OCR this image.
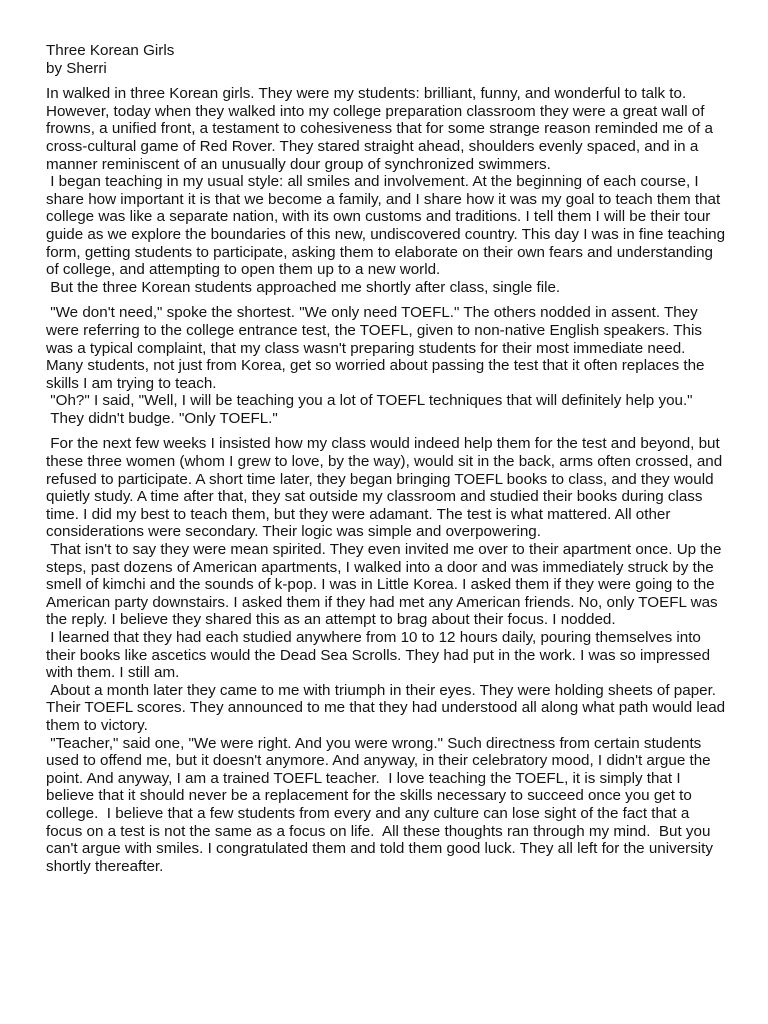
Three Korean Girls
by Sherri

In walked in three Korean girls. They were my students: brilliant, funny, and wonderful to talk to.  However, today when they walked into my college preparation classroom they were a great wall of frowns, a unified front, a testament to cohesiveness that for some strange reason reminded me of a cross-cultural game of Red Rover. They stared straight ahead, shoulders evenly spaced, and in a manner reminiscent of an unusually dour group of synchronized swimmers.

I began teaching in my usual style: all smiles and involvement. At the beginning of each course, I share how important it is that we become a family, and I share how it was my goal to teach them that college was like a separate nation, with its own customs and traditions. I tell them I will be their tour guide as we explore the boundaries of this new, undiscovered country. This day I was in fine teaching form, getting students to participate, asking them to elaborate on their own fears and understanding of college, and attempting to open them up to a new world.

But the three Korean students approached me shortly after class, single file.

"We don't need," spoke the shortest. "We only need TOEFL." The others nodded in assent. They were referring to the college entrance test, the TOEFL, given to non-native English speakers. This was a typical complaint, that my class wasn't preparing students for their most immediate need.  Many students, not just from Korea, get so worried about passing the test that it often replaces the skills I am trying to teach.

"Oh?" I said, "Well, I will be teaching you a lot of TOEFL techniques that will definitely help you."

They didn't budge. "Only TOEFL."

For the next few weeks I insisted how my class would indeed help them for the test and beyond, but these three women (whom I grew to love, by the way), would sit in the back, arms often crossed, and refused to participate. A short time later, they began bringing TOEFL books to class, and they would quietly study. A time after that, they sat outside my classroom and studied their books during class time. I did my best to teach them, but they were adamant. The test is what mattered. All other considerations were secondary. Their logic was simple and overpowering.

That isn't to say they were mean spirited. They even invited me over to their apartment once. Up the steps, past dozens of American apartments, I walked into a door and was immediately struck by the smell of kimchi and the sounds of k-pop. I was in Little Korea. I asked them if they were going to the American party downstairs. I asked them if they had met any American friends. No, only TOEFL was the reply. I believe they shared this as an attempt to brag about their focus. I nodded.

I learned that they had each studied anywhere from 10 to 12 hours daily, pouring themselves into their books like ascetics would the Dead Sea Scrolls. They had put in the work. I was so impressed with them. I still am.

About a month later they came to me with triumph in their eyes. They were holding sheets of paper. Their TOEFL scores. They announced to me that they had understood all along what path would lead them to victory.

"Teacher," said one, "We were right. And you were wrong." Such directness from certain students used to offend me, but it doesn't anymore. And anyway, in their celebratory mood, I didn't argue the point. And anyway, I am a trained TOEFL teacher.  I love teaching the TOEFL, it is simply that I believe that it should never be a replacement for the skills necessary to succeed once you get to college.  I believe that a few students from every and any culture can lose sight of the fact that a focus on a test is not the same as a focus on life.  All these thoughts ran through my mind.  But you can't argue with smiles. I congratulated them and told them good luck. They all left for the university shortly thereafter.
